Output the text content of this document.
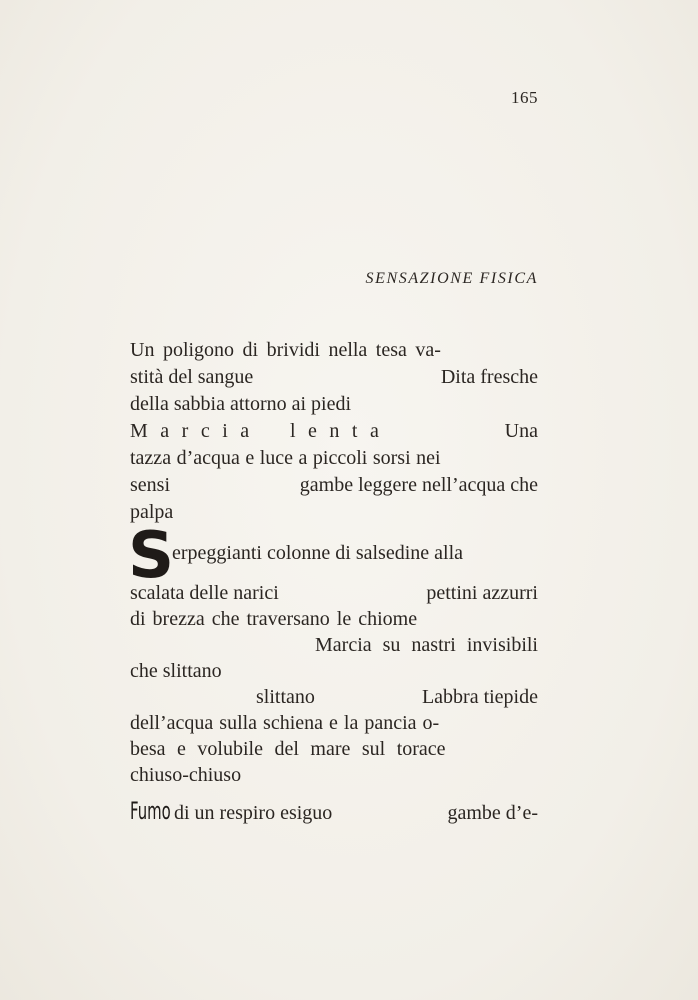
165
SENSAZIONE FISICA
Un poligono di brividi nella tesa va-
stità del sangue	Dita fresche
della sabbia attorno ai piedi
Marcia lenta	Una
tazza d’acqua e luce a piccoli sorsi nei
sensi	gambe leggere nell’acqua che
palpa
S
erpeggianti colonne di salsedine alla
scalata delle narici	pettini azzurri
di brezza che traversano le chiome
Marcia su nastri invisibili
che slittano
slittano	Labbra tiepide
dell’acqua sulla schiena e la pancia o-
besa e volubile del mare sul torace
chiuso-chiuso
Fumo di un respiro esiguo	gambe d’e-
